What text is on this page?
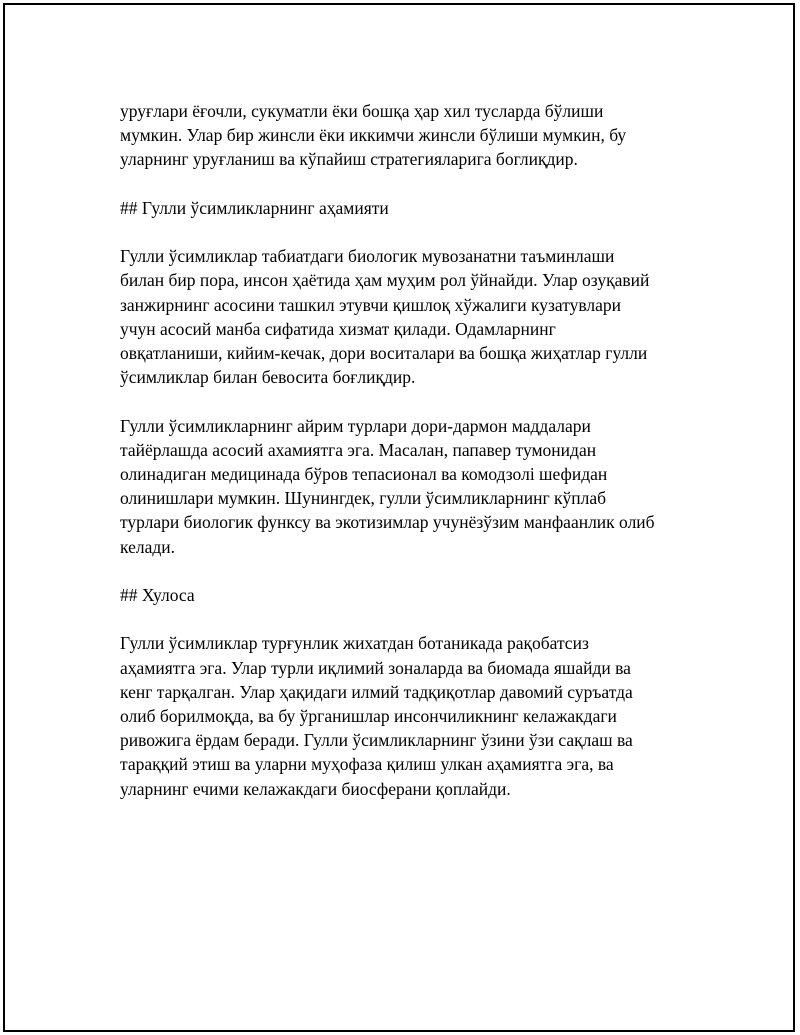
уруғлари ёғочли, сукуматли ёки бошқа ҳар хил тусларда бўлиши
мумкин. Улар бир жинсли ёки иккимчи жинсли бўлиши мумкин, бу
уларнинг уруғланиш ва кўпайиш стратегияларига боглиқдир.

## Гулли ўсимликларнинг аҳамияти

Гулли ўсимликлар табиатдаги биологик мувозанатни таъминлаши
билан бир пора, инсон ҳаётида ҳам муҳим рол ўйнайди. Улар озуқавий
занжирнинг асосини ташкил этувчи қишлоқ хўжалиги кузатувлари
учун асосий манба сифатида хизмат қилади. Одамларнинг
овқатланиши, кийим-кечак, дори воситалари ва бошқа жиҳатлар гулли
ўсимликлар билан бевосита боғлиқдир.

Гулли ўсимликларнинг айрим турлари дори-дармон маддалари
тайёрлашда асосий ахамиятга эга. Масалан, папавер тумонидан
олинадиган медицинада бўров тепасионал ва комодзолі шефидан
олинишлари мумкин. Шунингдек, гулли ўсимликларнинг кўплаб
турлари биологик функсу ва экотизимлар учунёзўзим манфаанлик олиб
келади.

## Хулоса

Гулли ўсимликлар турғунлик жихатдан ботаникада рақобатсиз
аҳамиятга эга. Улар турли иқлимий зоналарда ва биомада яшайди ва
кенг тарқалган. Улар ҳақидаги илмий тадқиқотлар давомий суръатда
олиб борилмоқда, ва бу ўрганишлар инсончиликнинг келажакдаги
ривожига ёрдам беради. Гулли ўсимликларнинг ўзини ўзи сақлаш ва
тараққий этиш ва уларни муҳофаза қилиш улкан аҳамиятга эга, ва
уларнинг ечими келажакдаги биосферани қоплайди.
